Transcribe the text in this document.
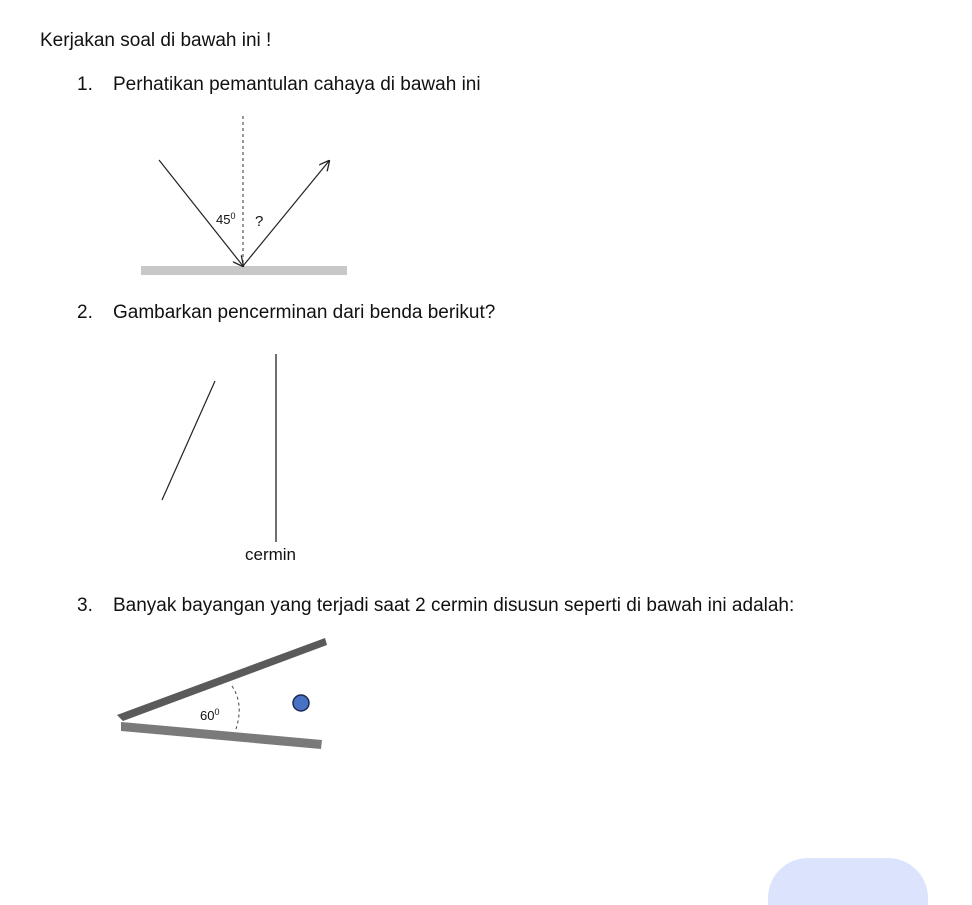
Kerjakan soal di bawah ini !
1. Perhatikan pemantulan cahaya di bawah ini
$45^0$ ?
cermin
$60^0$
2. Gambarkan pencerminan dari benda berikut?
3. Banyak bayangan yang terjadi saat 2 cermin disusun seperti di bawah ini adalah:
